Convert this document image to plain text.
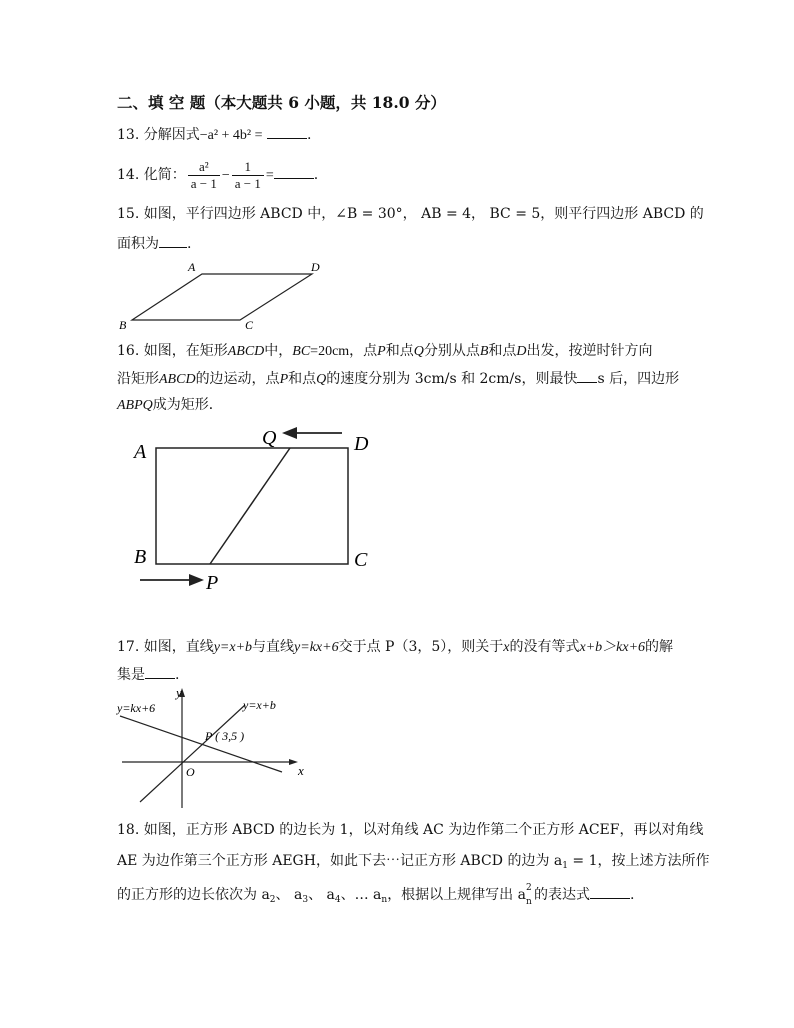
二、填 空 题（本大题共 6 小题，共 18.0 分）
13. 分解因式−a² + 4b² =	.
14. 化简： $\frac{\text{a²}}{a - 1} - \frac{1}{a - 1}$ =	.
15. 如图，平行四边形 ABCD 中，∠B = 30°， AB = 4， BC = 5，则平行四边形 ABCD 的
面积为 .
A	D
B	C
16. 如图，在矩形ABCD中，BC=20cm，点P和点Q分别从点B和点D出发，按逆时针方向
沿矩形ABCD的边运动，点P和点Q的速度分别为 3cm/s 和 2cm/s，则最快 s 后，四边形
ABPQ成为矩形．
A	D
B	C
Q
P
17. 如图，直线y=x+b与直线y=kx+6交于点 P（3，5），则关于x的没有等式x+b＞kx+6的解
集是 .
y
x
O
y=kx+6	y=x+b
P ( 3,5 )
18. 如图，正方形 ABCD 的边长为 1，以对角线 AC 为边作第二个正方形 ACEF，再以对角线
AE 为边作第三个正方形 AEGH，如此下去⋯记正方形 ABCD 的边为 $a_1 = 1$，按上述方法所作
的正方形的边长依次为 $a_2$、 $a_3$、 $a_4$、… $a_n$，根据以上规律写出 a 2
n 的表达式	.
